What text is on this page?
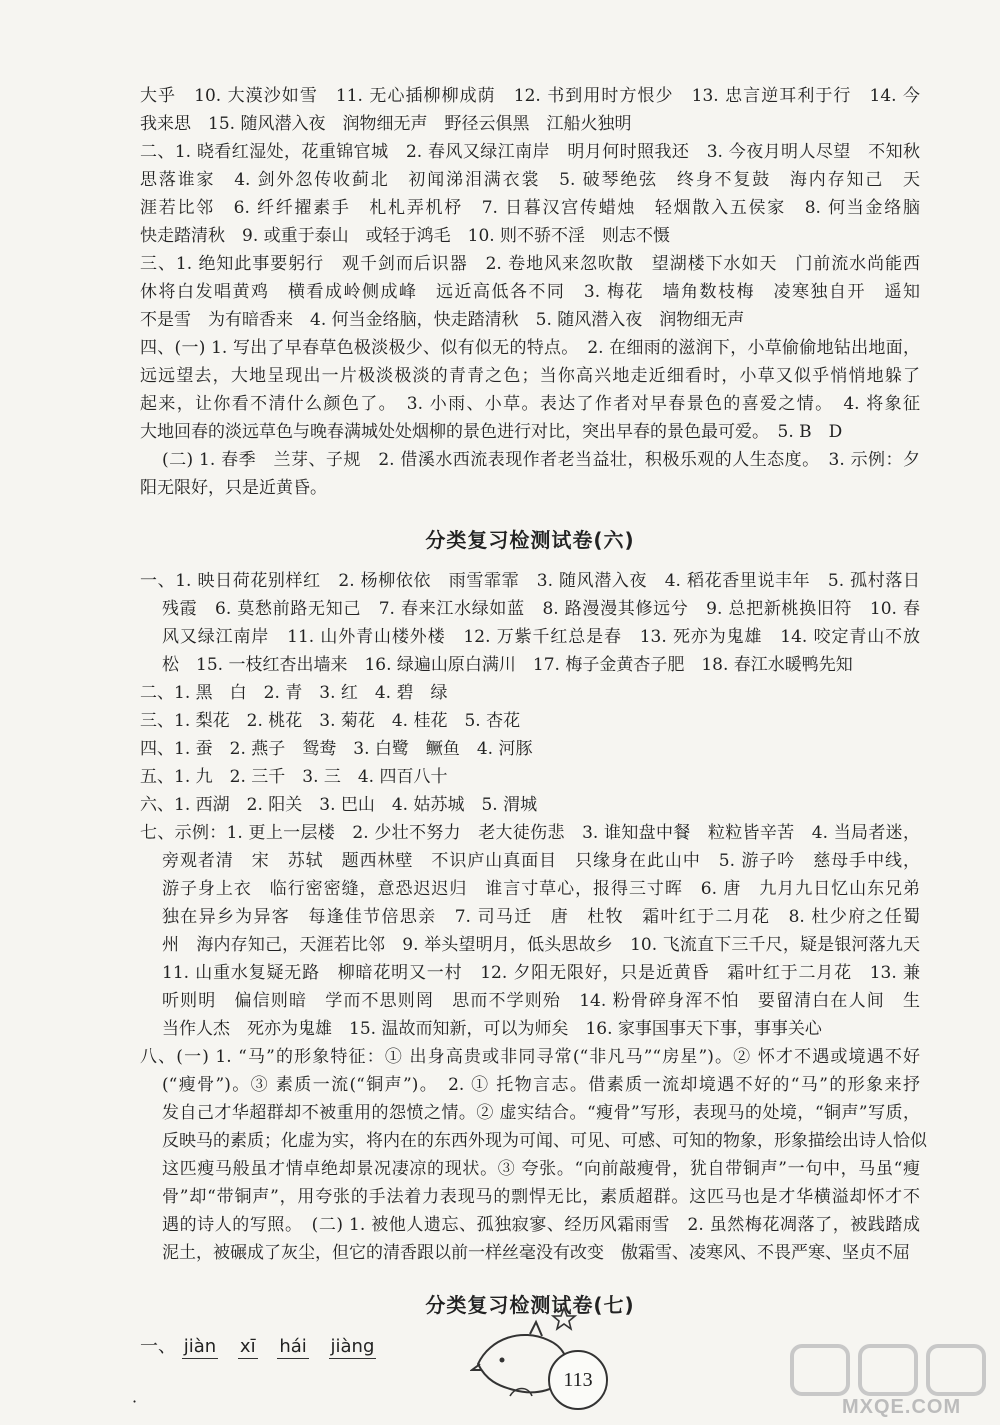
大乎　10. 大漠沙如雪　11. 无心插柳柳成荫　12. 书到用时方恨少　13. 忠言逆耳利于行　14. 今

我来思　15. 随风潜入夜　润物细无声　野径云俱黑　江船火独明

二、1. 晓看红湿处，花重锦官城　2. 春风又绿江南岸　明月何时照我还　3. 今夜月明人尽望　不知秋

思落谁家　4. 剑外忽传收蓟北　初闻涕泪满衣裳　5. 破琴绝弦　终身不复鼓　海内存知己　天

涯若比邻　6. 纤纤擢素手　札札弄机杼　7. 日暮汉宫传蜡烛　轻烟散入五侯家　8. 何当金络脑

快走踏清秋　9. 或重于泰山　或轻于鸿毛　10. 则不骄不淫　则志不慑

三、1. 绝知此事要躬行　观千剑而后识器　2. 卷地风来忽吹散　望湖楼下水如天　门前流水尚能西

休将白发唱黄鸡　横看成岭侧成峰　远近高低各不同　3. 梅花　墙角数枝梅　凌寒独自开　遥知

不是雪　为有暗香来　4. 何当金络脑，快走踏清秋　5. 随风潜入夜　润物细无声

四、(一) 1. 写出了早春草色极淡极少、似有似无的特点。　2. 在细雨的滋润下，小草偷偷地钻出地面，

远远望去，大地呈现出一片极淡极淡的青青之色；当你高兴地走近细看时，小草又似乎悄悄地躲了

起来，让你看不清什么颜色了。　3. 小雨、小草。表达了作者对早春景色的喜爱之情。　4. 将象征

大地回春的淡远草色与晚春满城处处烟柳的景色进行对比，突出早春的景色最可爱。　5. B　D

(二) 1. 春季　兰芽、子规　2. 借溪水西流表现作者老当益壮，积极乐观的人生态度。　3. 示例：夕

阳无限好，只是近黄昏。

分类复习检测试卷(六)

一、1. 映日荷花别样红　2. 杨柳依依　雨雪霏霏　3. 随风潜入夜　4. 稻花香里说丰年　5. 孤村落日

残霞　6. 莫愁前路无知己　7. 春来江水绿如蓝　8. 路漫漫其修远兮　9. 总把新桃换旧符　10. 春

风又绿江南岸　11. 山外青山楼外楼　12. 万紫千红总是春　13. 死亦为鬼雄　14. 咬定青山不放

松　15. 一枝红杏出墙来　16. 绿遍山原白满川　17. 梅子金黄杏子肥　18. 春江水暖鸭先知

二、1. 黑　白　2. 青　3. 红　4. 碧　绿

三、1. 梨花　2. 桃花　3. 菊花　4. 桂花　5. 杏花

四、1. 蚕　2. 燕子　鸳鸯　3. 白鹭　鳜鱼　4. 河豚

五、1. 九　2. 三千　3. 三　4. 四百八十

六、1. 西湖　2. 阳关　3. 巴山　4. 姑苏城　5. 渭城

七、示例：1. 更上一层楼　2. 少壮不努力　老大徒伤悲　3. 谁知盘中餐　粒粒皆辛苦　4. 当局者迷，

旁观者清　宋　苏轼　题西林壁　不识庐山真面目　只缘身在此山中　5. 游子吟　慈母手中线，

游子身上衣　临行密密缝，意恐迟迟归　谁言寸草心，报得三寸晖　6. 唐　九月九日忆山东兄弟

独在异乡为异客　每逢佳节倍思亲　7. 司马迁　唐　杜牧　霜叶红于二月花　8. 杜少府之任蜀

州　海内存知己，天涯若比邻　9. 举头望明月，低头思故乡　10. 飞流直下三千尺，疑是银河落九天

11. 山重水复疑无路　柳暗花明又一村　12. 夕阳无限好，只是近黄昏　霜叶红于二月花　13. 兼

听则明　偏信则暗　学而不思则罔　思而不学则殆　14. 粉骨碎身浑不怕　要留清白在人间　生

当作人杰　死亦为鬼雄　15. 温故而知新，可以为师矣　16. 家事国事天下事，事事关心

八、(一) 1. “马”的形象特征：① 出身高贵或非同寻常(“非凡马”“房星”)。② 怀才不遇或境遇不好

(“瘦骨”)。③ 素质一流(“铜声”)。　2. ① 托物言志。借素质一流却境遇不好的“马”的形象来抒

发自己才华超群却不被重用的怨愤之情。② 虚实结合。“瘦骨”写形，表现马的处境，“铜声”写质，

反映马的素质；化虚为实，将内在的东西外现为可闻、可见、可感、可知的物象，形象描绘出诗人恰似

这匹瘦马般虽才情卓绝却景况凄凉的现状。③ 夸张。“向前敲瘦骨，犹自带铜声”一句中，马虽“瘦

骨”却“带铜声”，用夸张的手法着力表现马的剽悍无比，素质超群。这匹马也是才华横溢却怀才不

遇的诗人的写照。　(二) 1. 被他人遗忘、孤独寂寥、经历风霜雨雪　2. 虽然梅花凋落了，被践踏成

泥土，被碾成了灰尘，但它的清香跟以前一样丝毫没有改变　傲霜雪、凌寒风、不畏严寒、坚贞不屈

分类复习检测试卷(七)
一、 jiàn xī hái jiàng
·
113
MXQE.COM
